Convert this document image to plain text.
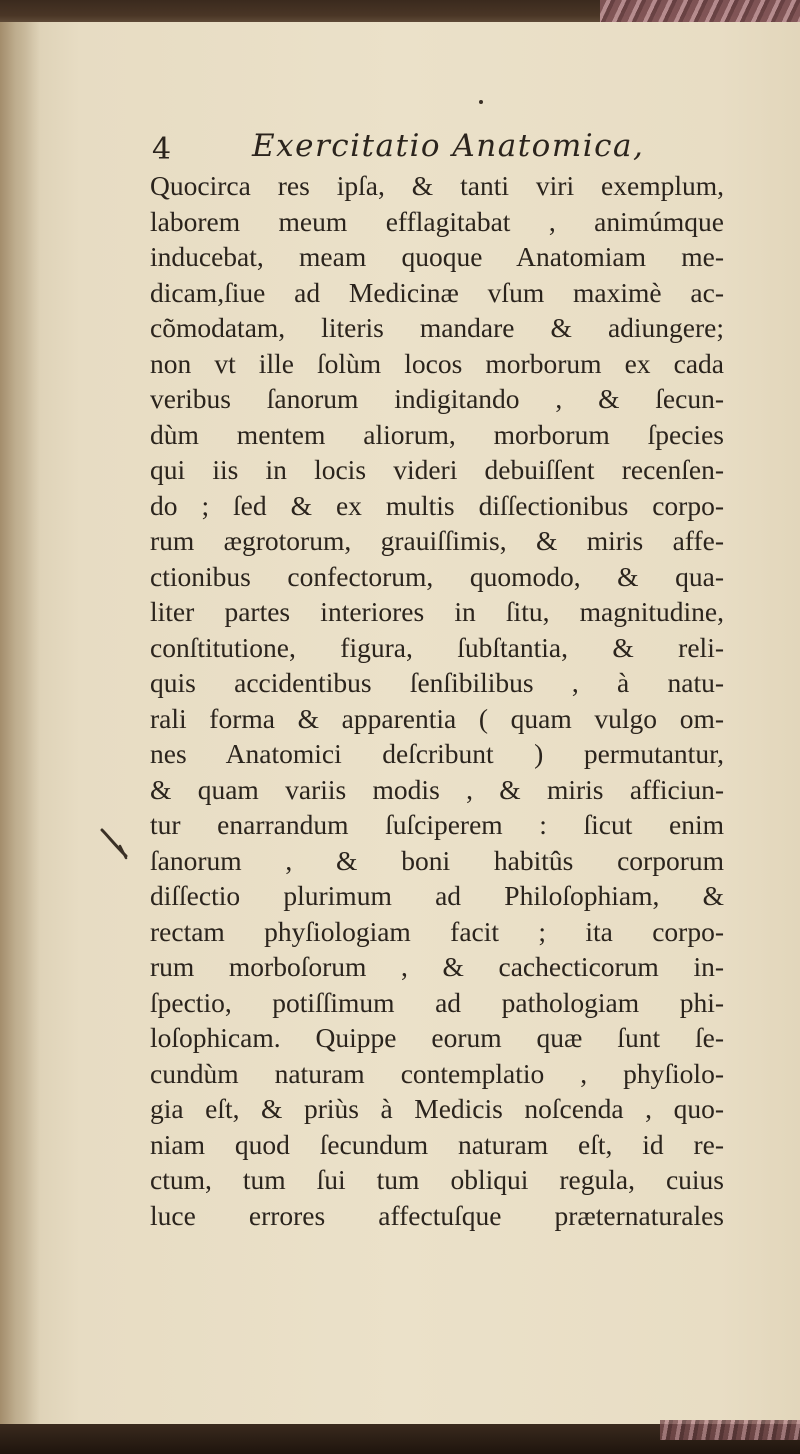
4	Exercitatio Anatomica,
Quocirca res ipſa, & tanti viri exemplum,
laborem meum efflagitabat , animúmque
inducebat, meam quoque Anatomiam me-
dicam,ſiue ad Medicinæ vſum maximè ac-
cõmodatam, literis mandare & adiungere;
non vt ille ſolùm locos morborum ex cada
veribus ſanorum indigitando , & ſecun-
dùm mentem aliorum, morborum ſpecies
qui iis in locis videri debuiſſent recenſen-
do ; ſed & ex multis diſſectionibus corpo-
rum ægrotorum, grauiſſimis, & miris affe-
ctionibus confectorum, quomodo, & qua-
liter partes interiores in ſitu, magnitudine,
conſtitutione, figura, ſubſtantia, & reli-
quis accidentibus ſenſibilibus , à natu-
rali forma & apparentia ( quam vulgo om-
nes Anatomici deſcribunt ) permutantur,
& quam variis modis , & miris afficiun-
tur enarrandum ſuſciperem : ſicut enim
ſanorum , & boni habitûs corporum
diſſectio plurimum ad Philoſophiam, &
rectam phyſiologiam facit ; ita corpo-
rum morboſorum , & cachecticorum in-
ſpectio, potiſſimum ad pathologiam phi-
loſophicam. Quippe eorum quæ ſunt ſe-
cundùm naturam contemplatio , phyſiolo-
gia eſt, & priùs à Medicis noſcenda , quo-
niam quod ſecundum naturam eſt, id re-
ctum, tum ſui tum obliqui regula, cuius
luce errores affectuſque præternaturales
